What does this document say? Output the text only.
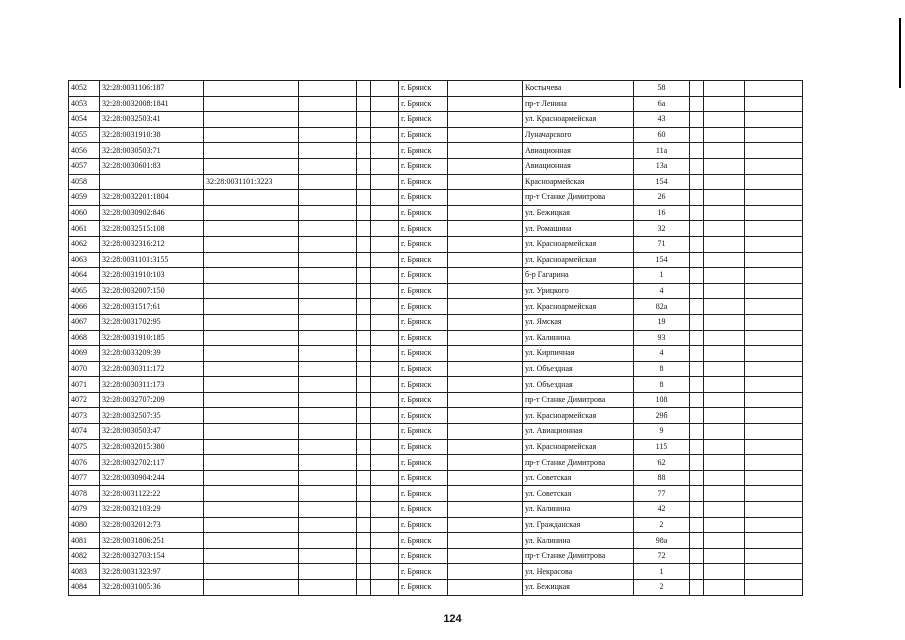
4052	32:28:0031106:187					г. Брянск		Костычева	58			
4053	32:28:0032008:1841					г. Брянск		пр-т Ленина	6а			
4054	32:28:0032503:41					г. Брянск		ул. Красноармейская	43			
4055	32:28:0031910:38					г. Брянск		Луначарского	60			
4056	32:28:0030503:71					г. Брянск		Авиационная	11а			
4057	32:28:0030601:83					г. Брянск		Авиационная	13а			
4058		32:28:0031101:3223				г. Брянск		Красноармейская	154			
4059	32:28:0032201:1804					г. Брянск		пр-т Станке Димитрова	26			
4060	32:28:0030902:846					г. Брянск		ул. Бежицкая	16			
4061	32:28:0032515:108					г. Брянск		ул. Ромашина	32			
4062	32:28:0032316:212					г. Брянск		ул. Красноармейская	71			
4063	32:28:0031101:3155					г. Брянск		ул. Красноармейская	154			
4064	32:28:0031910:103					г. Брянск		б-р Гагарина	1			
4065	32:28:0032007:150					г. Брянск		ул. Урицкого	4			
4066	32:28:0031517:61					г. Брянск		ул. Красноармейская	82а			
4067	32:28:0031702:95					г. Брянск		ул. Ямская	19			
4068	32:28:0031910:185					г. Брянск		ул. Калинина	93			
4069	32:28:0033209:39					г. Брянск		ул. Кирпичная	4			
4070	32:28:0030311:172					г. Брянск		ул. Объездная	8			
4071	32:28:0030311:173					г. Брянск		ул. Объездная	8			
4072	32:28:0032707:209					г. Брянск		пр-т Станке Димитрова	108			
4073	32:28:0032507:35					г. Брянск		ул. Красноармейская	29б			
4074	32:28:0030503:47					г. Брянск		ул. Авиационная	9			
4075	32:28:0032015:380					г. Брянск		ул. Красноармейская	115			
4076	32:28:0032702:117					г. Брянск		пр-т Станке Димитрова	62			
4077	32:28:0030904:244					г. Брянск		ул. Советская	88			
4078	32:28:0031122:22					г. Брянск		ул. Советская	77			
4079	32:28:0032103:29					г. Брянск		ул. Калинина	42			
4080	32:28:0032012:73					г. Брянск		ул. Гражданская	2			
4081	32:28:0031806:251					г. Брянск		ул. Калинина	98а			
4082	32:28:0032703:154					г. Брянск		пр-т Станке Димитрова	72			
4083	32:28:0031323:97					г. Брянск		ул. Некрасова	1			
4084	32:28:0031005:36					г. Брянск		ул. Бежицкая	2			
124
